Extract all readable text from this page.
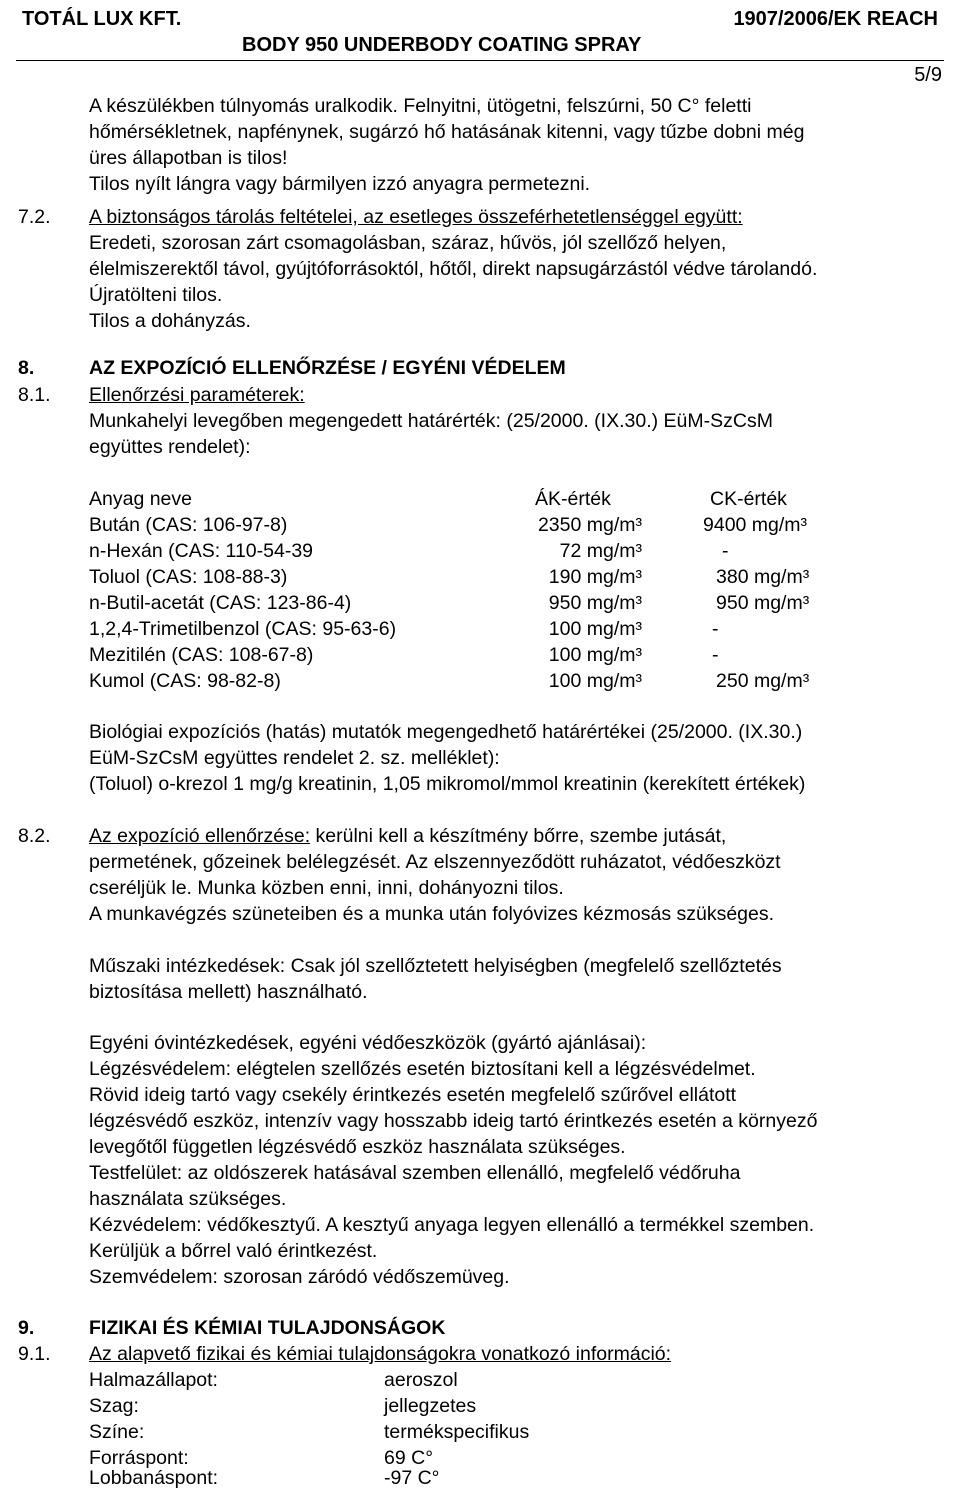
TOTÁL LUX KFT.	1907/2006/EK REACH
BODY 950 UNDERBODY COATING SPRAY
5/9
A készülékben túlnyomás uralkodik. Felnyitni, ütögetni, felszúrni, 50 C° feletti
hőmérsékletnek, napfénynek, sugárzó hő hatásának kitenni, vagy tűzbe dobni még
üres állapotban is tilos!
Tilos nyílt lángra vagy bármilyen izzó anyagra permetezni.
7.2. A biztonságos tárolás feltételei, az esetleges összeférhetetlenséggel együtt:
Eredeti, szorosan zárt csomagolásban, száraz, hűvös, jól szellőző helyen,
élelmiszerektől távol, gyújtóforrásoktól, hőtől, direkt napsugárzástól védve tárolandó.
Újratölteni tilos.
Tilos a dohányzás.
8.	AZ EXPOZÍCIÓ ELLENŐRZÉSE / EGYÉNI VÉDELEM
8.1. Ellenőrzési paraméterek:
Munkahelyi levegőben megengedett határérték: (25/2000. (IX.30.) EüM-SzCsM
együttes rendelet):
Anyag neve	ÁK-érték	CK-érték
Bután (CAS: 106-97-8)	2350 mg/m³	9400 mg/m³
n-Hexán (CAS: 110-54-39	72 mg/m³	-
Toluol (CAS: 108-88-3)	190 mg/m³	380 mg/m³
n-Butil-acetát (CAS: 123-86-4)	950 mg/m³	950 mg/m³
1,2,4-Trimetilbenzol (CAS: 95-63-6)	100 mg/m³	-
Mezitilén (CAS: 108-67-8)	100 mg/m³	-
Kumol (CAS: 98-82-8)	100 mg/m³	250 mg/m³
Biológiai expozíciós (hatás) mutatók megengedhető határértékei (25/2000. (IX.30.)
EüM-SzCsM együttes rendelet 2. sz. melléklet):
(Toluol) o-krezol 1 mg/g kreatinin, 1,05 mikromol/mmol kreatinin (kerekített értékek)
8.2. Az expozíció ellenőrzése: kerülni kell a készítmény bőrre, szembe jutását,
permetének, gőzeinek belélegzését. Az elszennyeződött ruházatot, védőeszközt
cseréljük le. Munka közben enni, inni, dohányozni tilos.
A munkavégzés szüneteiben és a munka után folyóvizes kézmosás szükséges.
Műszaki intézkedések: Csak jól szellőztetett helyiségben (megfelelő szellőztetés
biztosítása mellett) használható.
Egyéni óvintézkedések, egyéni védőeszközök (gyártó ajánlásai):
Légzésvédelem: elégtelen szellőzés esetén biztosítani kell a légzésvédelmet.
Rövid ideig tartó vagy csekély érintkezés esetén megfelelő szűrővel ellátott
légzésvédő eszköz, intenzív vagy hosszabb ideig tartó érintkezés esetén a környező
levegőtől független légzésvédő eszköz használata szükséges.
Testfelület: az oldószerek hatásával szemben ellenálló, megfelelő védőruha
használata szükséges.
Kézvédelem: védőkesztyű. A kesztyű anyaga legyen ellenálló a termékkel szemben.
Kerüljük a bőrrel való érintkezést.
Szemvédelem: szorosan záródó védőszemüveg.
9.	FIZIKAI ÉS KÉMIAI TULAJDONSÁGOK
9.1. Az alapvető fizikai és kémiai tulajdonságokra vonatkozó információ:
Halmazállapot:	aeroszol
Szag:	jellegzetes
Színe:	termékspecifikus
Forráspont:	69 C°
Lobbanáspont:	-97 C°
